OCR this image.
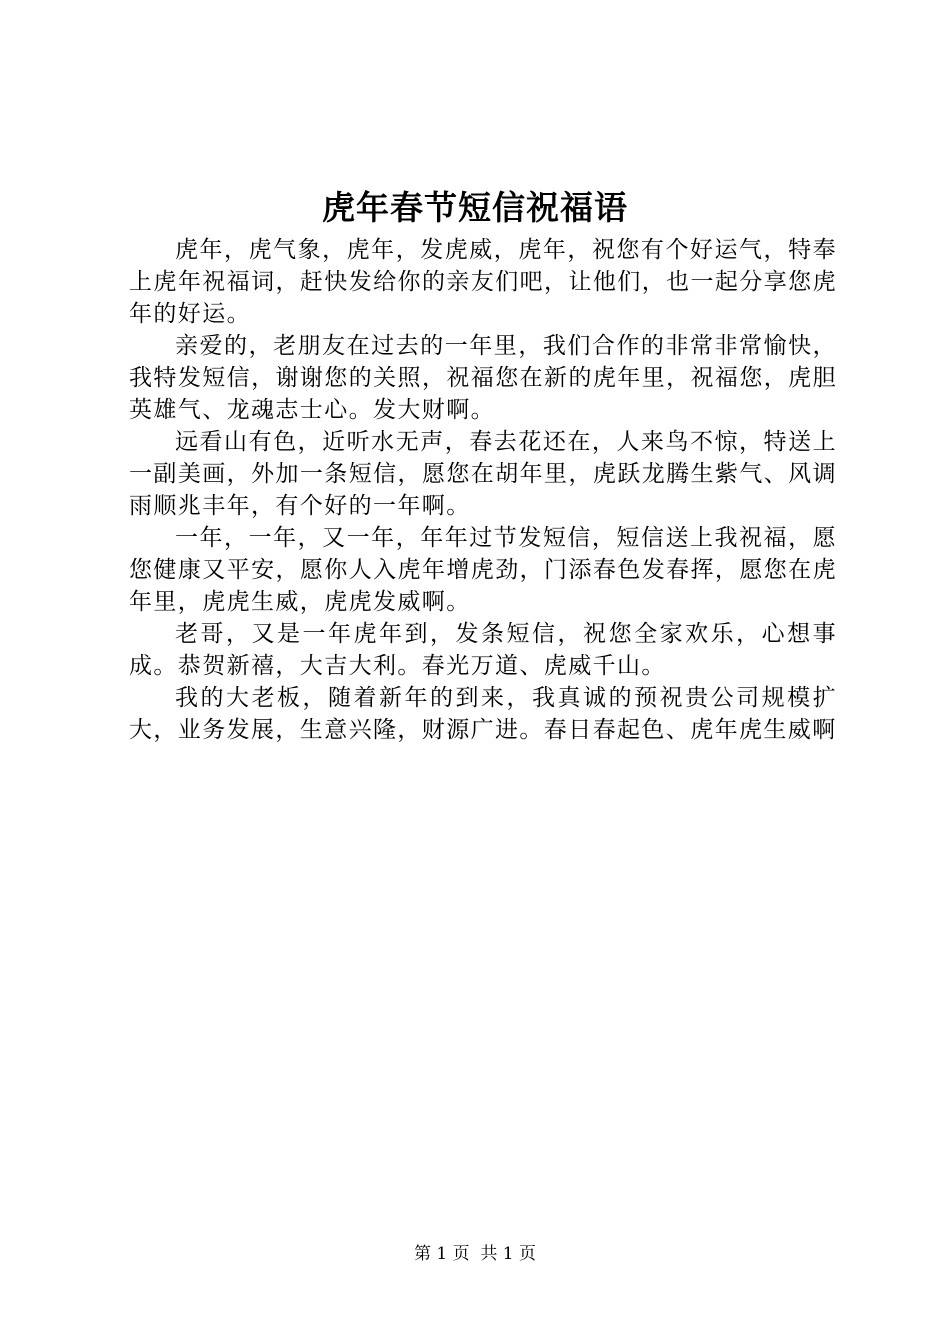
虎年春节短信祝福语

虎年，虎气象，虎年，发虎威，虎年，祝您有个好运气，特奉上虎年祝福词，赶快发给你的亲友们吧，让他们，也一起分享您虎年的好运。

亲爱的，老朋友在过去的一年里，我们合作的非常非常愉快，我特发短信，谢谢您的关照，祝福您在新的虎年里，祝福您，虎胆英雄气、龙魂志士心。发大财啊。

远看山有色，近听水无声，春去花还在，人来鸟不惊，特送上一副美画，外加一条短信，愿您在胡年里，虎跃龙腾生紫气、风调雨顺兆丰年，有个好的一年啊。

一年，一年，又一年，年年过节发短信，短信送上我祝福，愿您健康又平安，愿你人入虎年增虎劲，门添春色发春挥，愿您在虎年里，虎虎生威，虎虎发威啊。

老哥，又是一年虎年到，发条短信，祝您全家欢乐，心想事成。恭贺新禧，大吉大利。春光万道、虎威千山。

我的大老板，随着新年的到来，我真诚的预祝贵公司规模扩大，业务发展，生意兴隆，财源广进。春日春起色、虎年虎生威啊

第 1 页 共 1 页
